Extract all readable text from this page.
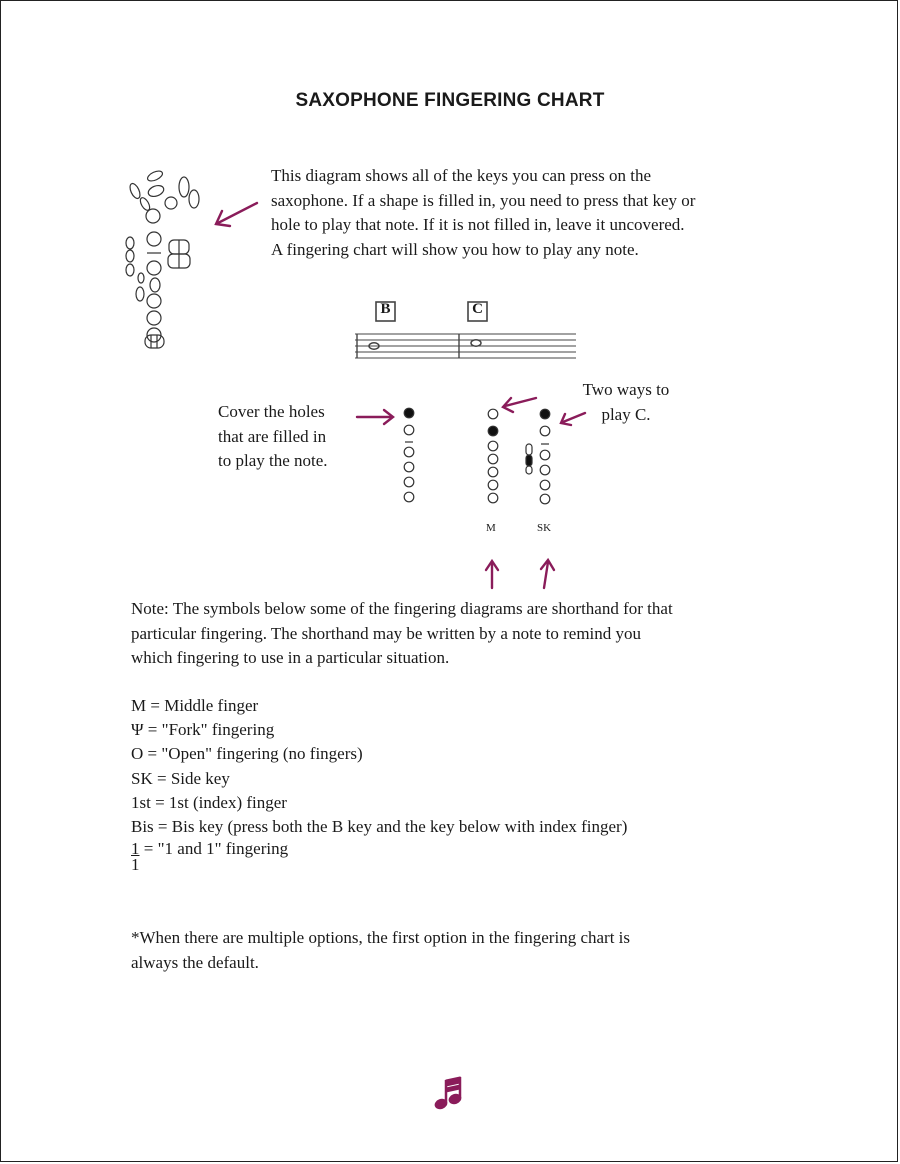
SAXOPHONE FINGERING CHART
B	C
This diagram shows all of the keys you can press on the
saxophone. If a shape is filled in, you need to press that key or
hole to play that note. If it is not filled in, leave it uncovered.
A fingering chart will show you how to play any note.
Cover the holes
that are filled in
to play the note.
Two ways to
play C.
M	SK
Note: The symbols below some of the fingering diagrams are shorthand for that
particular fingering. The shorthand may be written by a note to remind you
which fingering to use in a particular situation.
M = Middle finger
Ψ = "Fork" fingering
O = "Open" fingering (no fingers)
SK = Side key
1st = 1st (index) finger
Bis = Bis key (press both the B key and the key below with index finger)
1 = "1 and 1" fingering
1
*When there are multiple options, the first option in the fingering chart is
always the default.
